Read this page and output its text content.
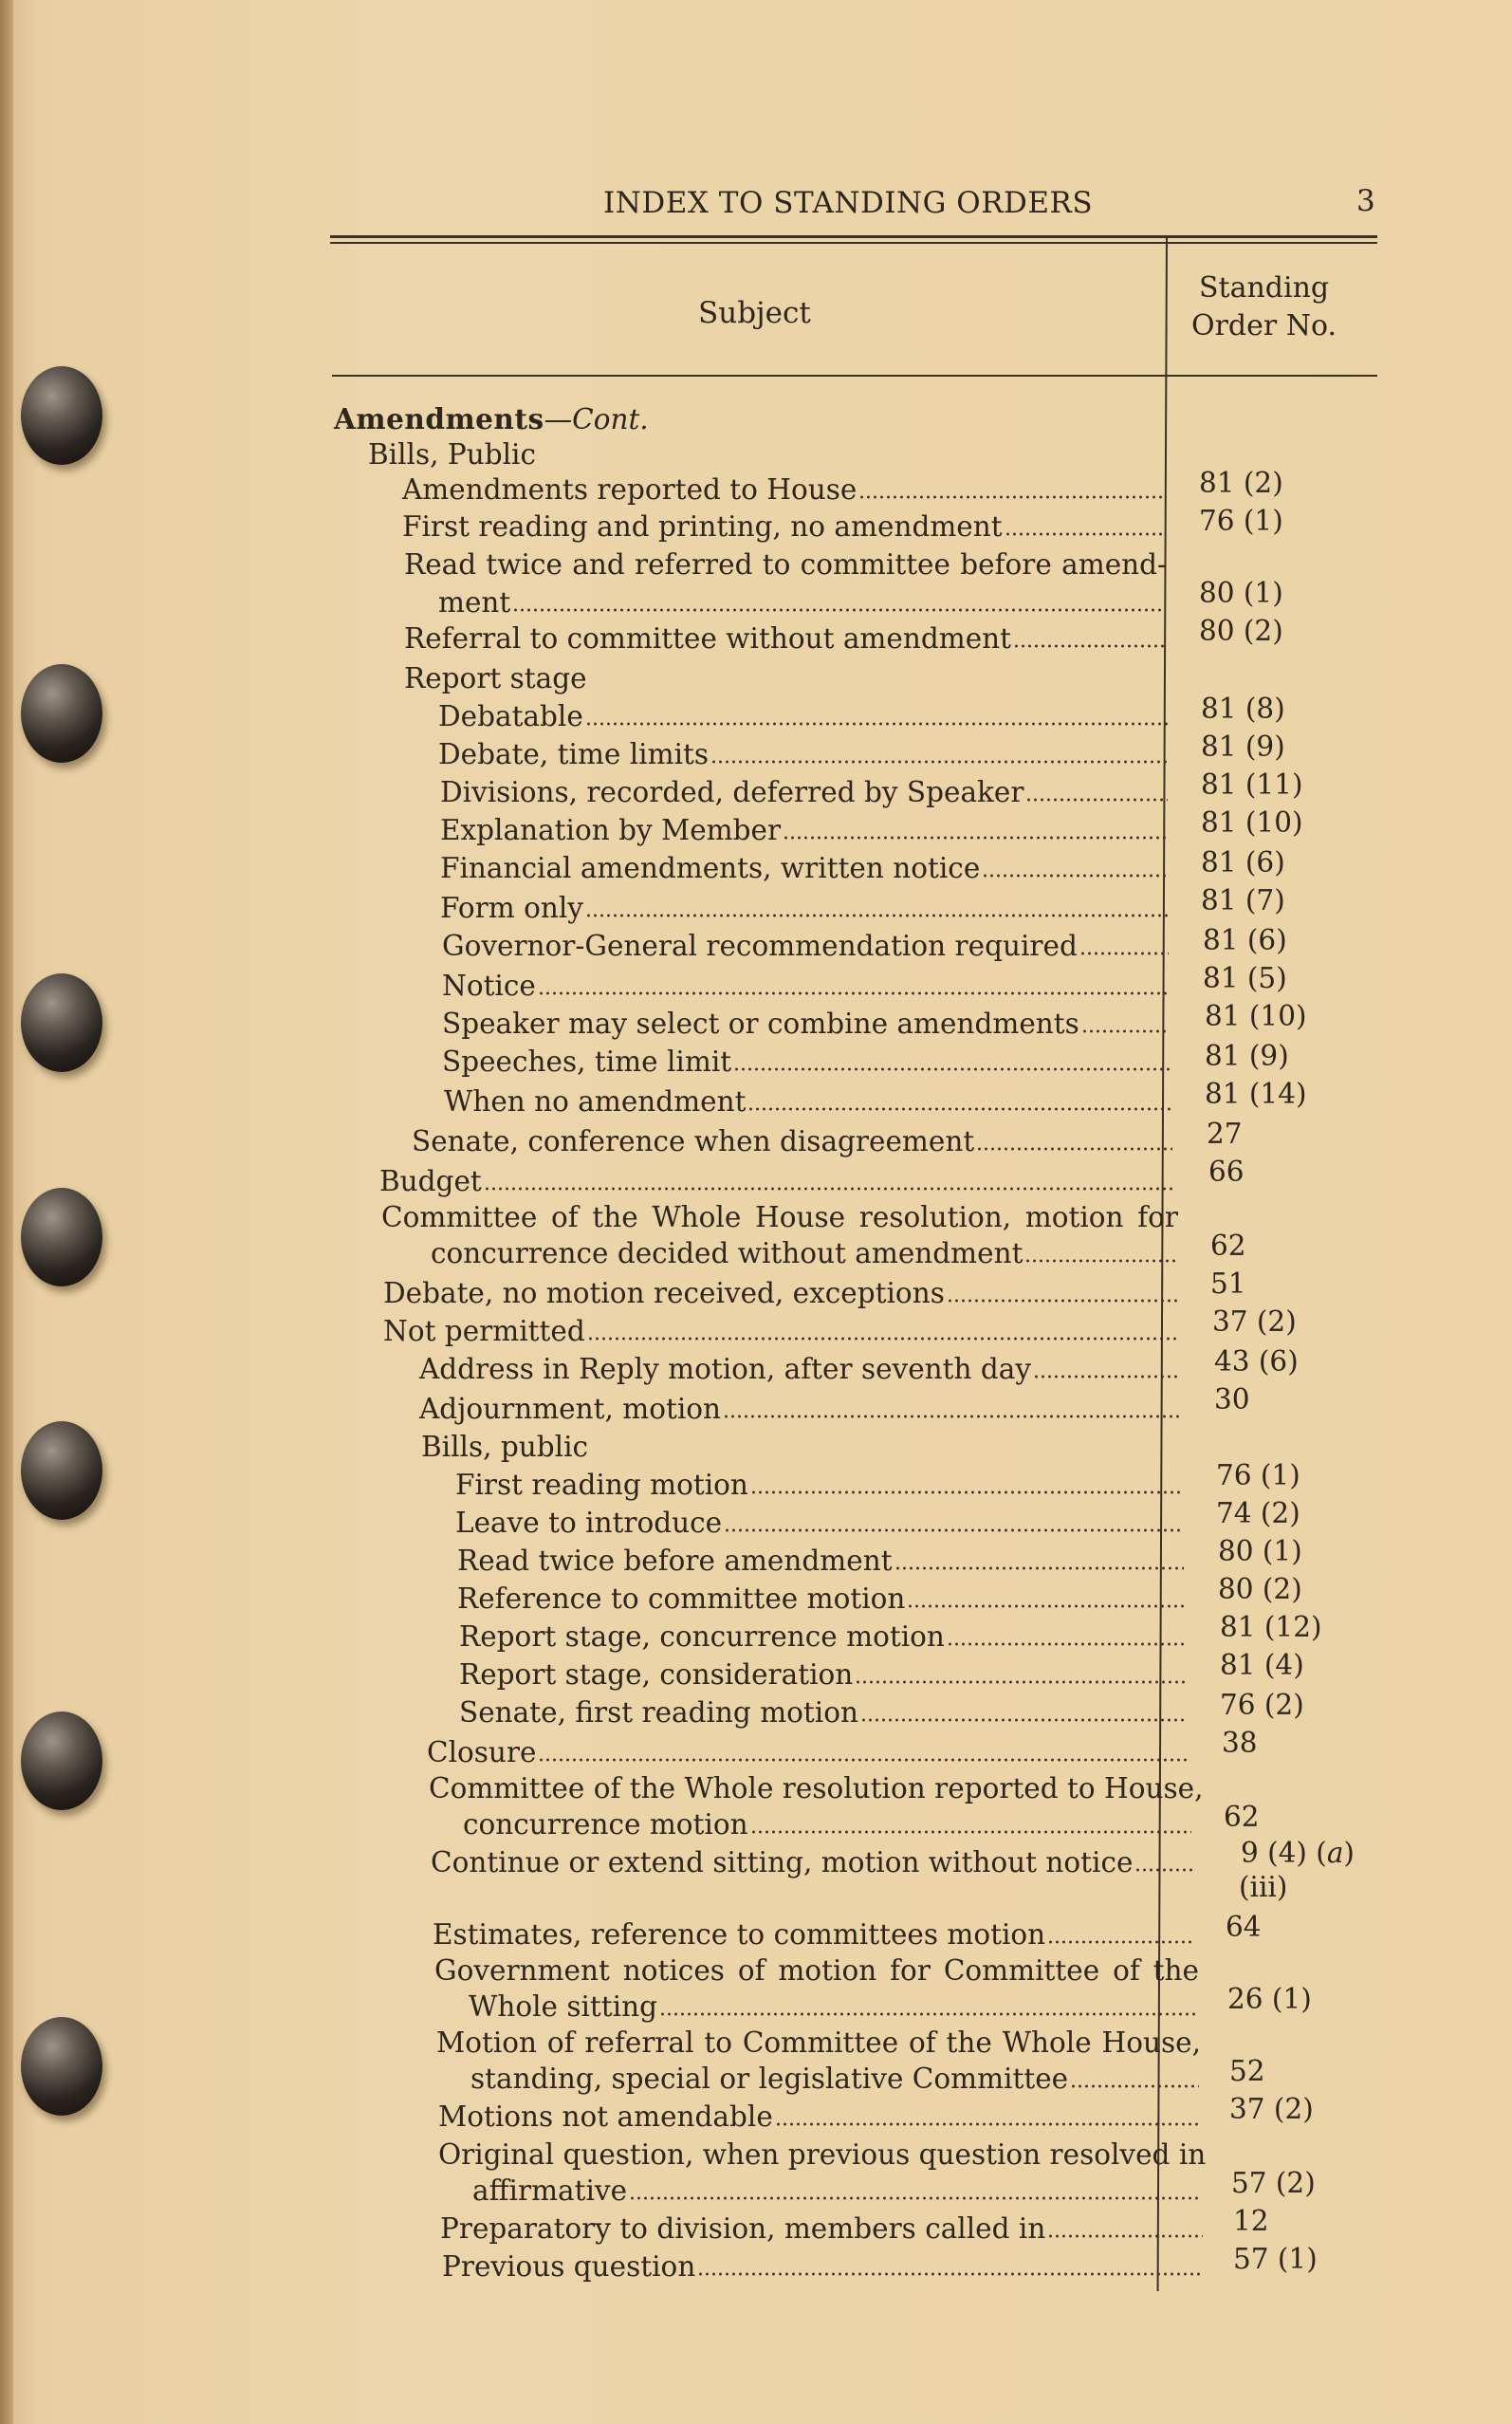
INDEX TO STANDING ORDERS	3
Subject
Standing
Order No.
Amendments—Cont.
Bills, Public
Amendments reported to House	81 (2)
First reading and printing, no amendment	76 (1)
Read twice and referred to committee before amend-
ment	80 (1)
Referral to committee without amendment	80 (2)
Report stage
Debatable	81 (8)
Debate, time limits	81 (9)
Divisions, recorded, deferred by Speaker	81 (11)
Explanation by Member	81 (10)
Financial amendments, written notice	81 (6)
Form only	81 (7)
Governor-General recommendation required	81 (6)
Notice	81 (5)
Speaker may select or combine amendments	81 (10)
Speeches, time limit	81 (9)
When no amendment	81 (14)
Senate, conference when disagreement	27
Budget	66
Committee of the Whole House resolution, motion for
concurrence decided without amendment	62
Debate, no motion received, exceptions	51
Not permitted	37 (2)
Address in Reply motion, after seventh day	43 (6)
Adjournment, motion	30
Bills, public
First reading motion	76 (1)
Leave to introduce	74 (2)
Read twice before amendment	80 (1)
Reference to committee motion	80 (2)
Report stage, concurrence motion	81 (12)
Report stage, consideration	81 (4)
Senate, first reading motion	76 (2)
Closure	38
Committee of the Whole resolution reported to House,
concurrence motion	62
Continue or extend sitting, motion without notice	9 (4) (a)
(iii)
Estimates, reference to committees motion	64
Government notices of motion for Committee of the
Whole sitting	26 (1)
Motion of referral to Committee of the Whole House,
standing, special or legislative Committee	52
Motions not amendable	37 (2)
Original question, when previous question resolved in
affirmative	57 (2)
Preparatory to division, members called in	12
Previous question	57 (1)
